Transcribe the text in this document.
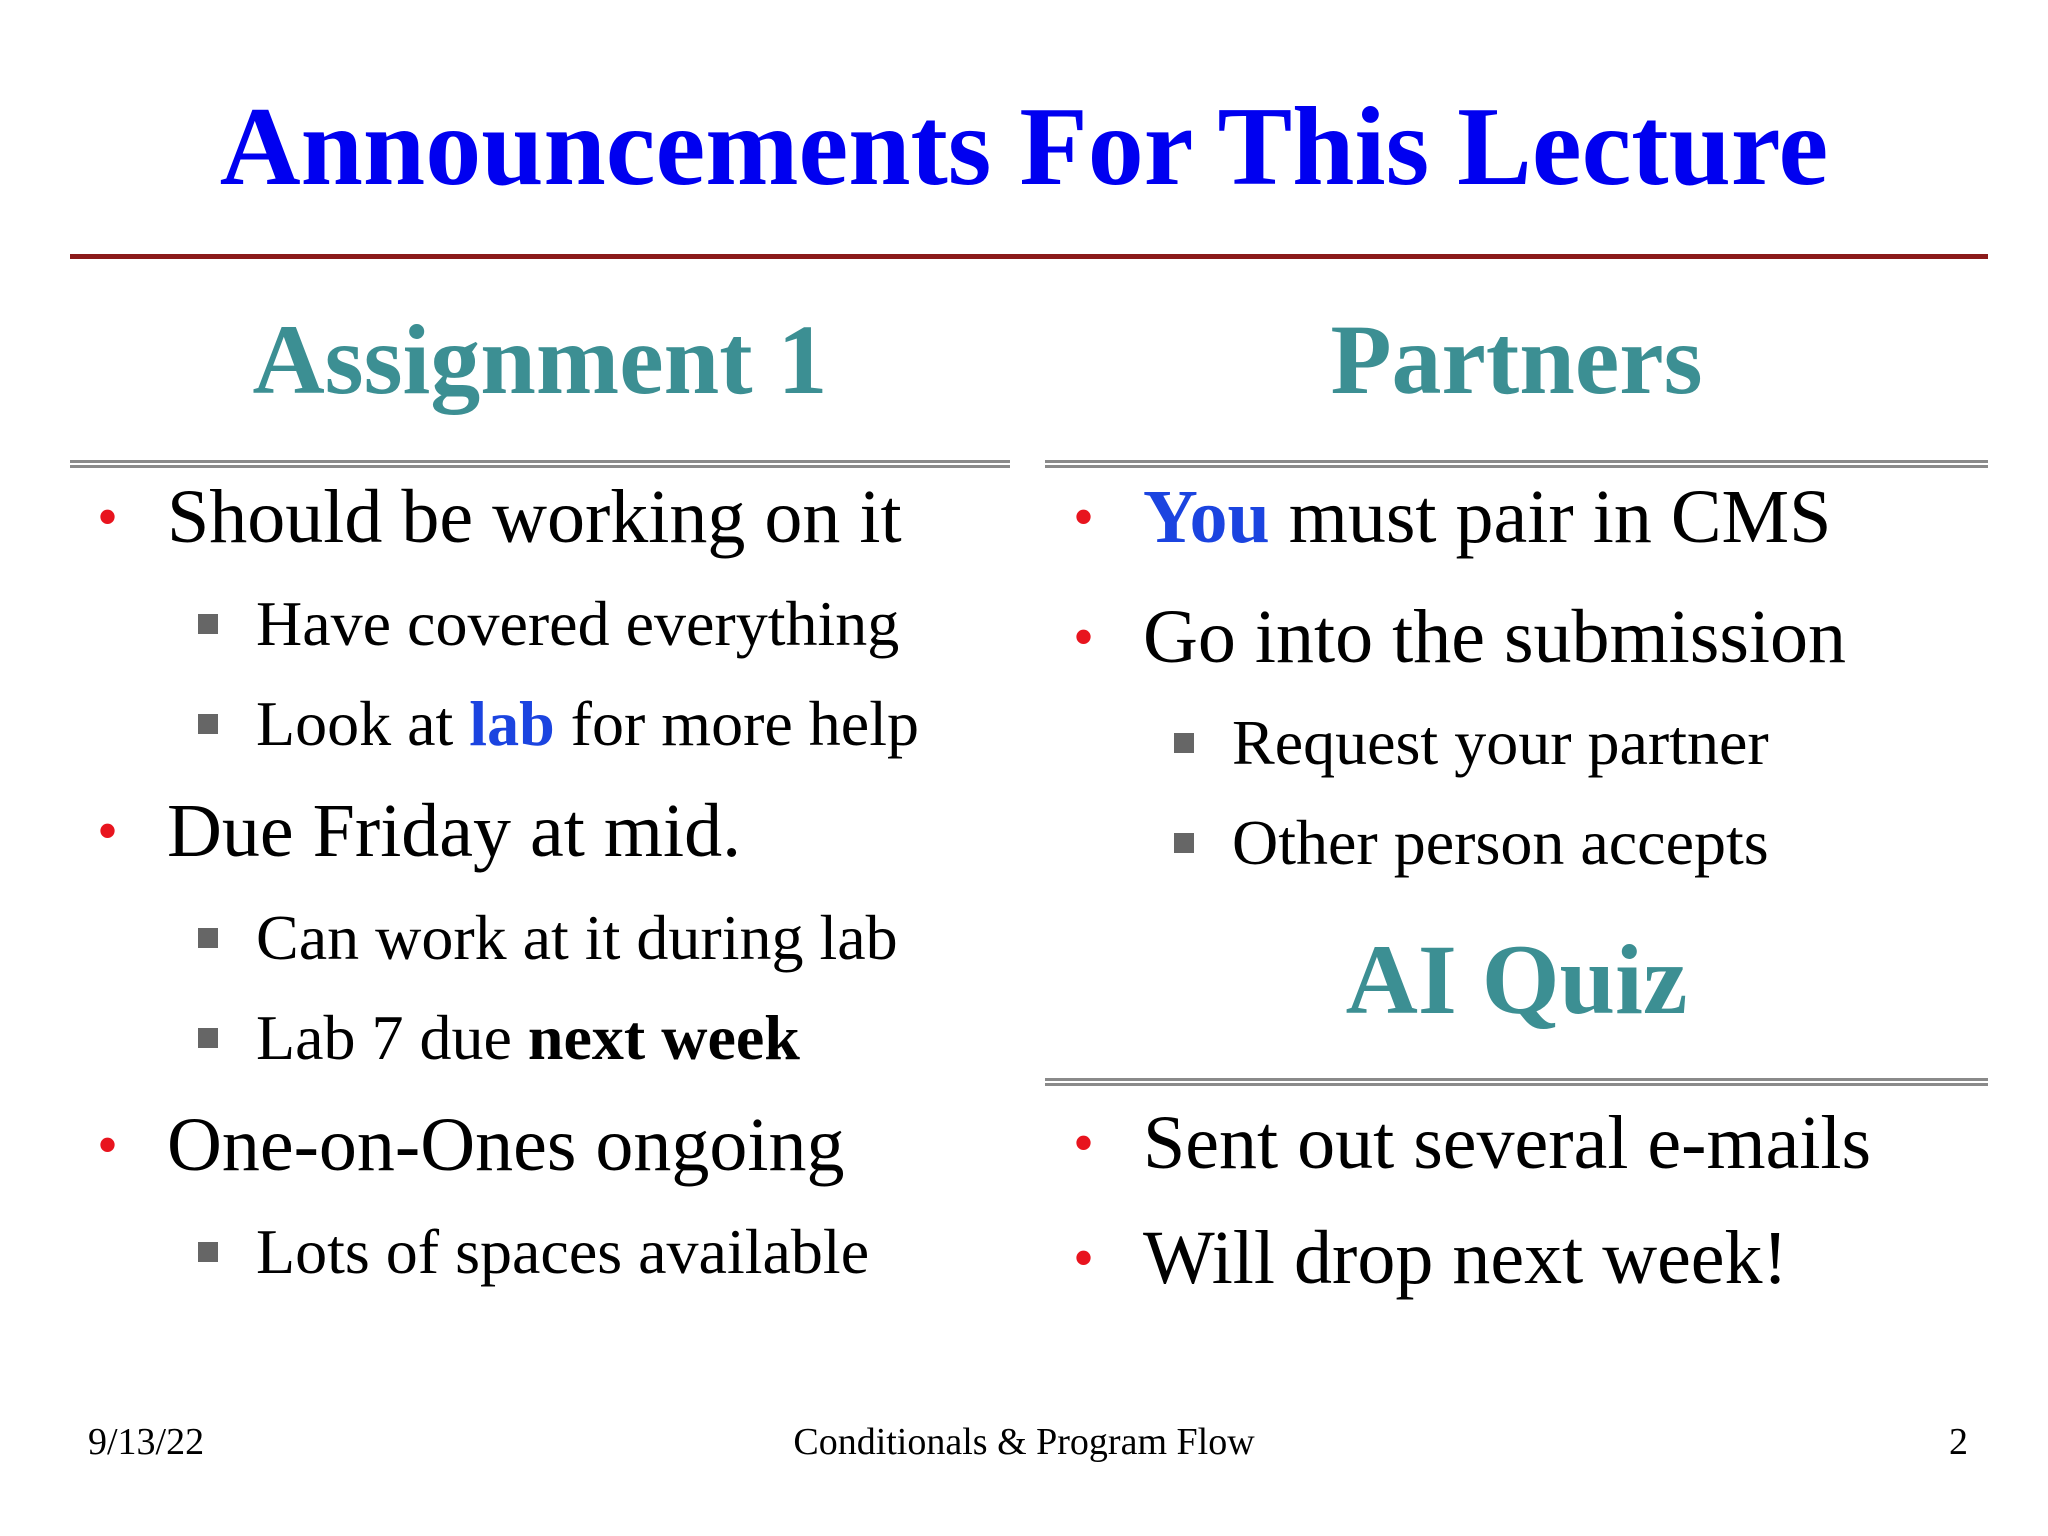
Announcements For This Lecture
Assignment 1
• Should be working on it
Have covered everything
Look at lab for more help
• Due Friday at mid.
Can work at it during lab
Lab 7 due next week
• One-on-Ones ongoing
Lots of spaces available
Partners
• You must pair in CMS
• Go into the submission
Request your partner
Other person accepts
AI Quiz
• Sent out several e-mails
• Will drop next week!
9/13/22	Conditionals & Program Flow	2
